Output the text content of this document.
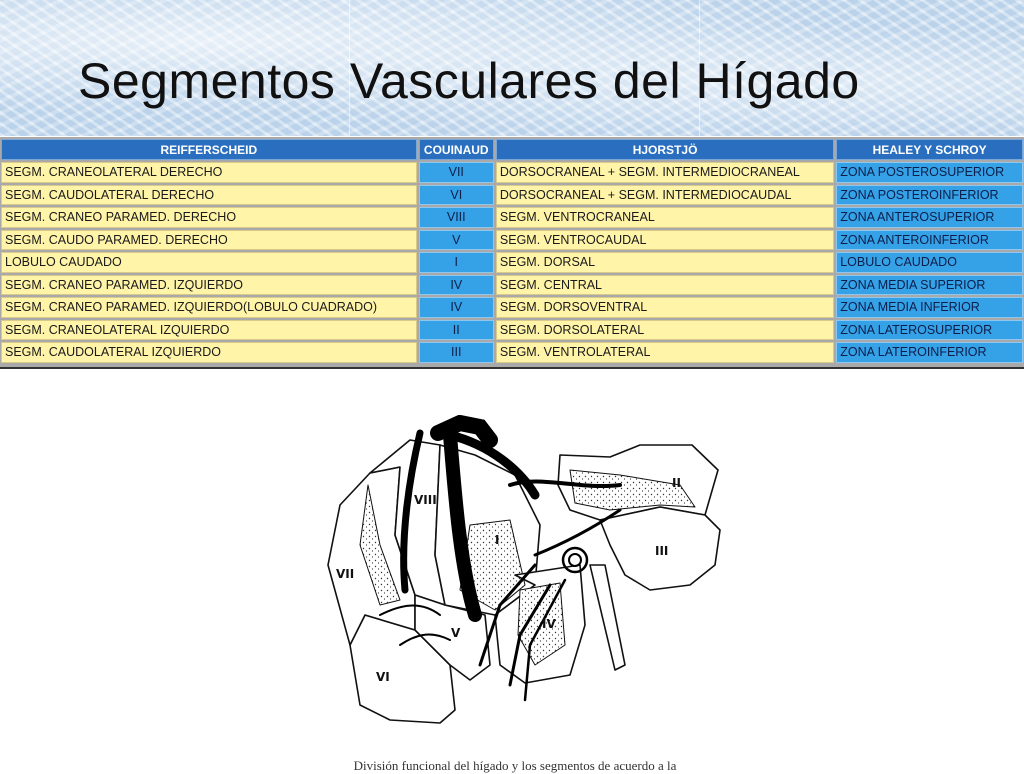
Segmentos Vasculares del Hígado
REIFFERSCHEID	COUINAUD	HJORSTJÖ	HEALEY Y SCHROY
SEGM. CRANEOLATERAL DERECHO	VII	DORSOCRANEAL + SEGM. INTERMEDIOCRANEAL	ZONA POSTEROSUPERIOR
SEGM. CAUDOLATERAL DERECHO	VI	DORSOCRANEAL + SEGM. INTERMEDIOCAUDAL	ZONA POSTEROINFERIOR
SEGM. CRANEO PARAMED. DERECHO	VIII	SEGM. VENTROCRANEAL	ZONA ANTEROSUPERIOR
SEGM. CAUDO PARAMED. DERECHO	V	SEGM. VENTROCAUDAL	ZONA ANTEROINFERIOR
LOBULO CAUDADO	I	SEGM. DORSAL	LOBULO CAUDADO
SEGM. CRANEO PARAMED. IZQUIERDO	IV	SEGM. CENTRAL	ZONA MEDIA SUPERIOR
SEGM. CRANEO PARAMED. IZQUIERDO(LOBULO CUADRADO)	IV	SEGM. DORSOVENTRAL	ZONA MEDIA INFERIOR
SEGM. CRANEOLATERAL IZQUIERDO	II	SEGM. DORSOLATERAL	ZONA LATEROSUPERIOR
SEGM. CAUDOLATERAL IZQUIERDO	III	SEGM. VENTROLATERAL	ZONA LATEROINFERIOR
II
III
IV
V
VI
VII
VIII
I
División funcional del hígado y los segmentos de acuerdo a la
